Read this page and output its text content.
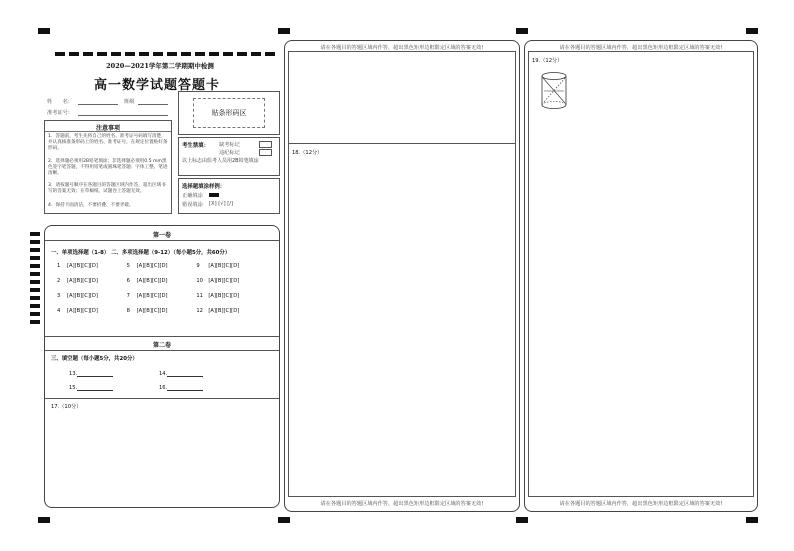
2020—2021学年第二学期期中检测
高一数学试题答题卡
姓　　名：	班级
准考证号：	贴条形码区
注意事项
1．答题前，考生先将自己的姓名、准考证号码填写清楚，并认真核准条形码上的姓名、准考证号，在规定位置贴好条形码。
2．选择题必须用2B铅笔填涂；非选择题必须用0.5 mm黑色签字笔答题，不得用铅笔或圆珠笔答题；字体工整、笔迹清晰。
3．请按题号顺序在各题目的答题区域内作答，超出区域书写的答案无效；在草稿纸、试题卷上答题无效。
4．保持卡面清洁，不要折叠、不要弄破。
考生禁填： 缺考标记
违纪标记
以上标志由监考人员用2B铅笔填涂
选择题填涂样例：
正确填涂
错误填涂 [X] [√] [/]
第一卷
一、单项选择题（1-8） 二、多项选择题（9-12）（每小题5分，共60分）
1 [A][B][C][D]	5 [A][B][C][D]	9 [A][B][C][D]
2 [A][B][C][D]	6 [A][B][C][D]	10 [A][B][C][D]
3 [A][B][C][D]	7 [A][B][C][D]	11 [A][B][C][D]
4 [A][B][C][D]	8 [A][B][C][D]	12 [A][B][C][D]
第二卷
三、填空题（每小题5分，共20分）
13.	14.
15.	16.
17.（10分）
请在各题目的答题区域内作答，超出黑色矩形边框限定区域的答案无效!
18.（12分）
请在各题目的答题区域内作答，超出黑色矩形边框限定区域的答案无效!
请在各题目的答题区域内作答，超出黑色矩形边框限定区域的答案无效!
19.（12分）
请在各题目的答题区域内作答，超出黑色矩形边框限定区域的答案无效!
